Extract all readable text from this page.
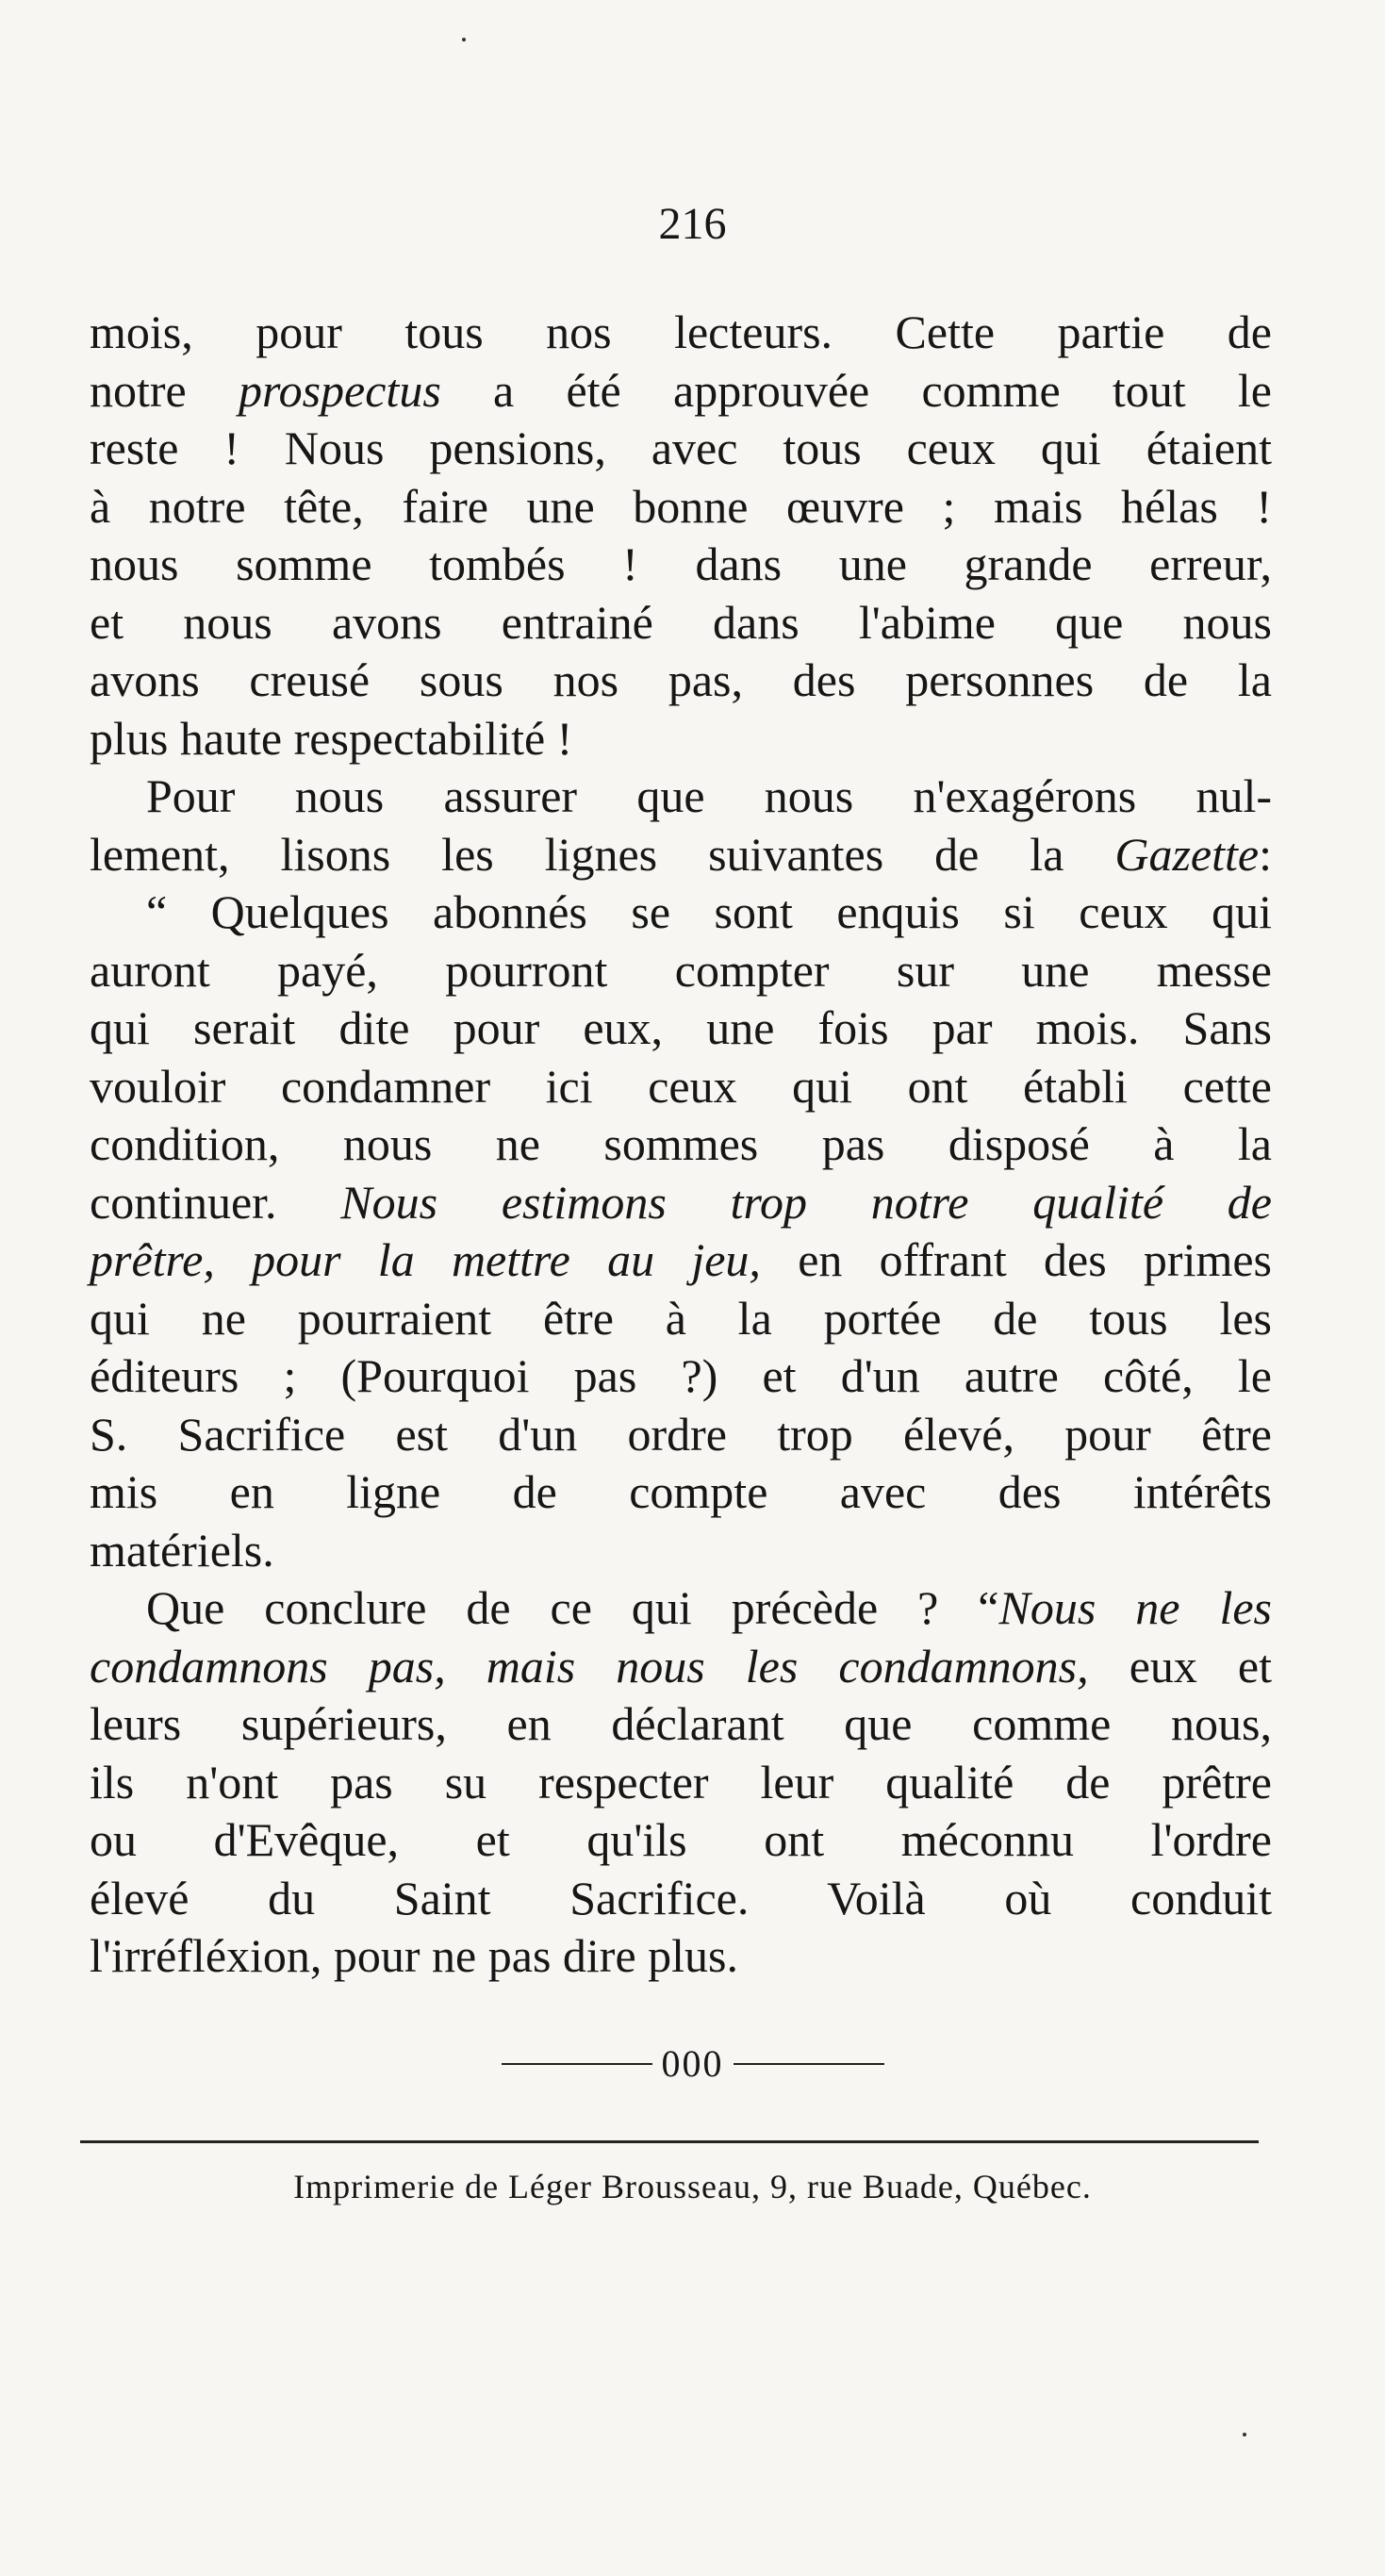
216

mois, pour tous nos lecteurs. Cette partie de
notre prospectus a été approuvée comme tout le
reste ! Nous pensions, avec tous ceux qui étaient
à notre tête, faire une bonne œuvre ; mais hélas !
nous somme tombés ! dans une grande erreur,
et nous avons entrainé dans l'abime que nous
avons creusé sous nos pas, des personnes de la
plus haute respectabilité !

Pour nous assurer que nous n'exagérons nul-
lement, lisons les lignes suivantes de la Gazette:

“ Quelques abonnés se sont enquis si ceux qui
auront payé, pourront compter sur une messe
qui serait dite pour eux, une fois par mois. Sans
vouloir condamner ici ceux qui ont établi cette
condition, nous ne sommes pas disposé à la
continuer. Nous estimons trop notre qualité de
prêtre, pour la mettre au jeu, en offrant des primes
qui ne pourraient être à la portée de tous les
éditeurs ; (Pourquoi pas ?) et d'un autre côté, le
S. Sacrifice est d'un ordre trop élevé, pour être
mis en ligne de compte avec des intérêts
matériels.

Que conclure de ce qui précède ? “Nous ne les
condamnons pas, mais nous les condamnons, eux et
leurs supérieurs, en déclarant que comme nous,
ils n'ont pas su respecter leur qualité de prêtre
ou d'Evêque, et qu'ils ont méconnu l'ordre
élevé du Saint Sacrifice. Voilà où conduit
l'irréfléxion, pour ne pas dire plus.

000
Imprimerie de Léger Brousseau, 9, rue Buade, Québec.
